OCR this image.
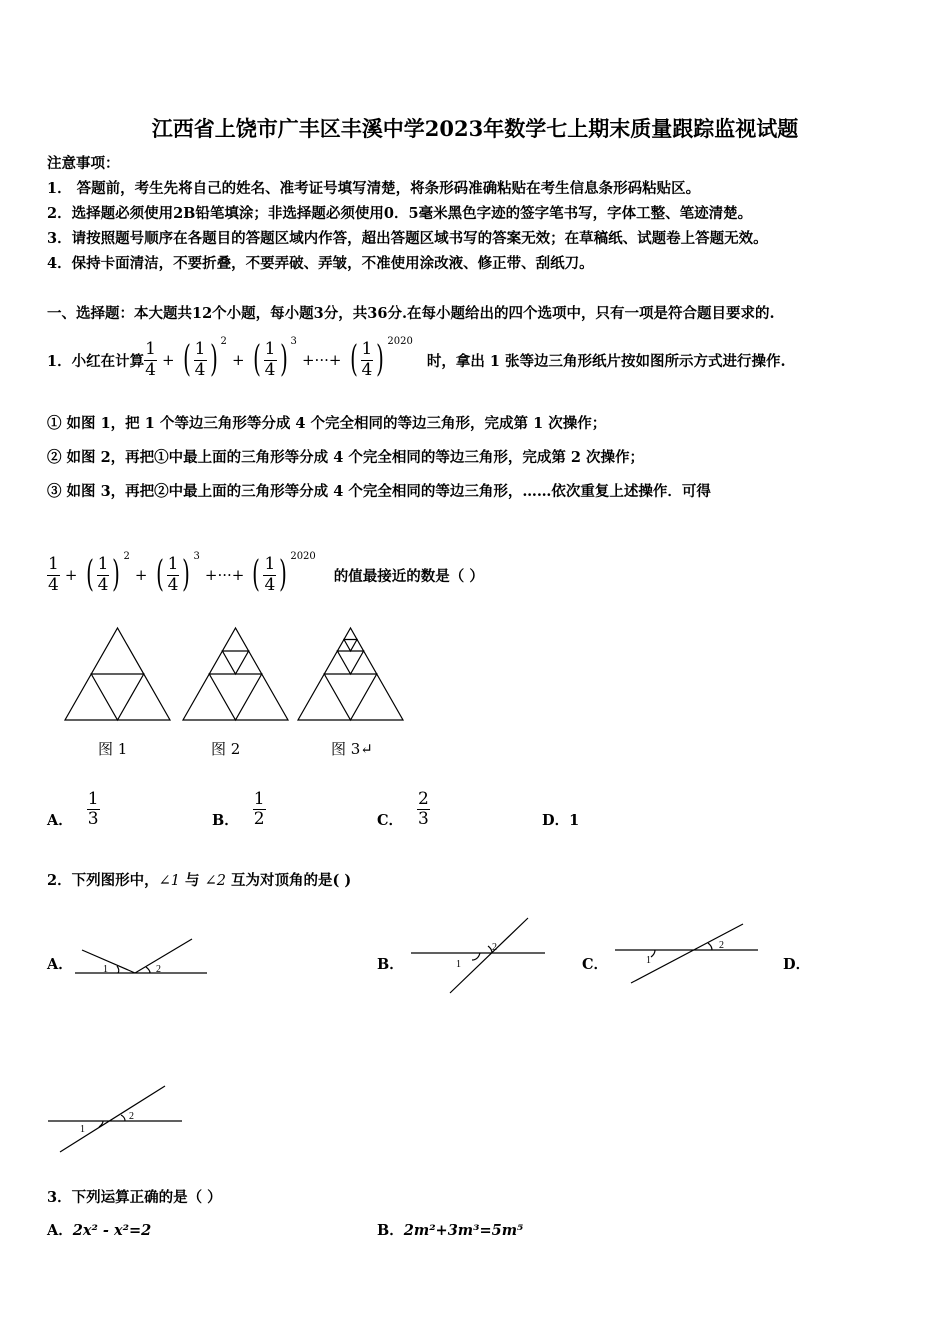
江西省上饶市广丰区丰溪中学2023年数学七上期末质量跟踪监视试题
注意事项：
1． 答题前，考生先将自己的姓名、准考证号填写清楚，将条形码准确粘贴在考生信息条形码粘贴区。
2．选择题必须使用2B铅笔填涂；非选择题必须使用0．5毫米黑色字迹的签字笔书写，字体工整、笔迹清楚。
3．请按照题号顺序在各题目的答题区域内作答，超出答题区域书写的答案无效；在草稿纸、试题卷上答题无效。
4．保持卡面清洁，不要折叠，不要弄破、弄皱，不准使用涂改液、修正带、刮纸刀。
一、选择题：本大题共12个小题，每小题3分，共36分.在每小题给出的四个选项中，只有一项是符合题目要求的.
1．小红在计算 $\frac{1}{4}$ + ( $\frac{1}{4}$ ) $^2$ + ( $\frac{1}{4}$ ) $^3$ +···+ ( $\frac{1}{4}$ ) $^{2020}$
时，拿出 1 张等边三角形纸片按如图所示方式进行操作.
① 如图 1，把 1 个等边三角形等分成 4 个完全相同的等边三角形，完成第 1 次操作；
② 如图 2，再把①中最上面的三角形等分成 4 个完全相同的等边三角形，完成第 2 次操作；
③ 如图 3，再把②中最上面的三角形等分成 4 个完全相同的等边三角形，……依次重复上述操作．可得
$\frac{1}{4}$ + ( $\frac{1}{4}$ ) $^2$ + ( $\frac{1}{4}$ ) $^3$ +···+ ( $\frac{1}{4}$ ) $^{2020}$
的值最接近的数是（ ）
图 1	图 2	图 3↵
A． $\frac{1}{3}$	B． $\frac{1}{2}$	C． $\frac{2}{3}$	D．1
2．下列图形中，∠1 与 ∠2 互为对顶角的是( )
A．	B．	C．	D．
1	2	1
2
1
2
1
2
3．下列运算正确的是（ ）
A．2x² - x²=2	B．2m²+3m³=5m⁵
